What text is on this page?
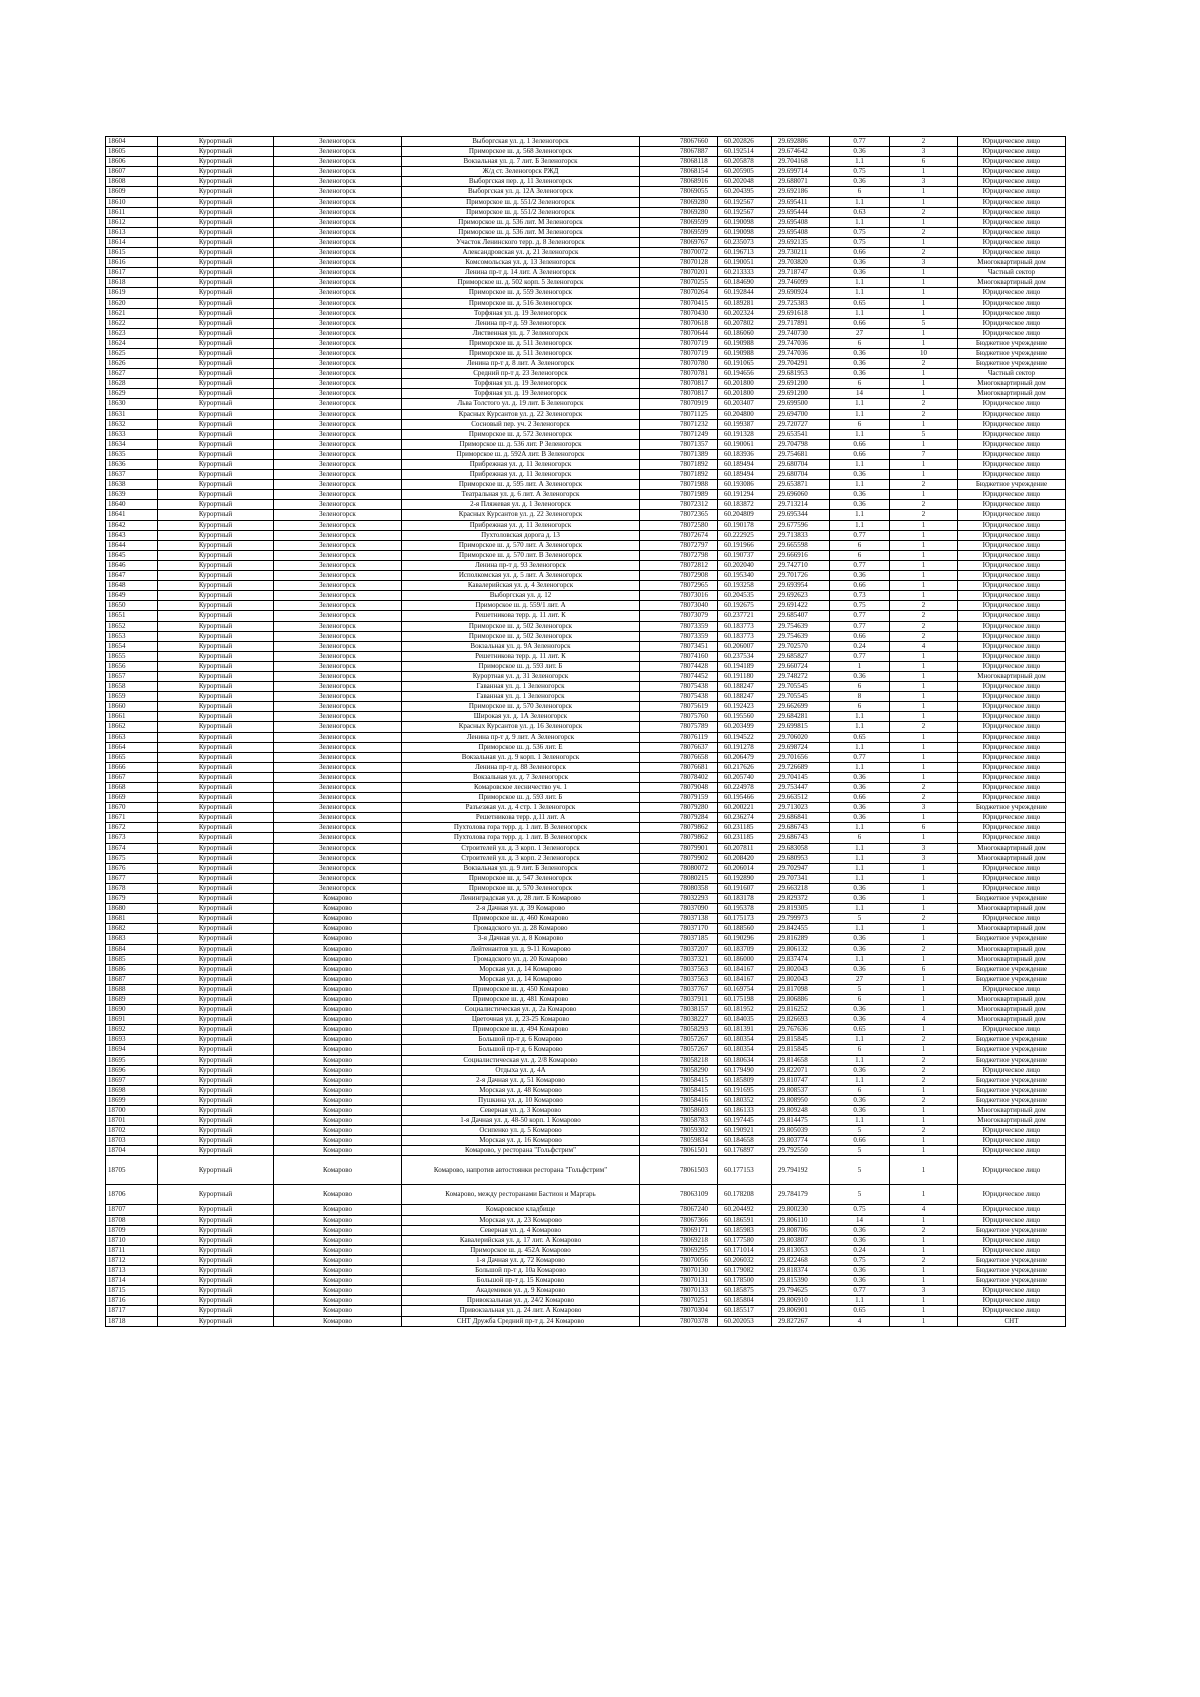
18604	Курортный	Зеленогорск	Выборгская ул. д. 1 Зеленогорск	78067660	60.202826	29.692886	0.77	2	Юридическое лицо
18605	Курортный	Зеленогорск	Приморское ш. д. 568 Зеленогорск	78067887	60.192514	29.674642	0.36	3	Юридическое лицо
18606	Курортный	Зеленогорск	Вокзальная ул. д. 7 лит. Б Зеленогорск	78068118	60.205878	29.704168	1.1	6	Юридическое лицо
18607	Курортный	Зеленогорск	Ж/д ст. Зеленогорск РЖД	78068154	60.205905	29.699714	0.75	1	Юридическое лицо
18608	Курортный	Зеленогорск	Выборгская пер. д. 11 Зеленогорск	78068916	60.202048	29.688071	0.36	3	Юридическое лицо
18609	Курортный	Зеленогорск	Выборгская ул. д. 12А Зеленогорск	78069055	60.204395	29.692186	6	1	Юридическое лицо
18610	Курортный	Зеленогорск	Приморское ш. д. 551/2 Зеленогорск	78069280	60.192567	29.695411	1.1	1	Юридическое лицо
18611	Курортный	Зеленогорск	Приморское ш. д. 551/2 Зеленогорск	78069280	60.192567	29.695444	0.63	2	Юридическое лицо
18612	Курортный	Зеленогорск	Приморское ш. д. 536 лит. М Зеленогорск	78069599	60.190098	29.695408	1.1	1	Юридическое лицо
18613	Курортный	Зеленогорск	Приморское ш. д. 536 лит. М Зеленогорск	78069599	60.190098	29.695408	0.75	2	Юридическое лицо
18614	Курортный	Зеленогорск	Участок Ленинского терр. д. 8 Зеленогорск	78069767	60.235073	29.692135	0.75	1	Юридическое лицо
18615	Курортный	Зеленогорск	Александровская ул. д. 21 Зеленогорск	78070072	60.196713	29.730211	0.66	2	Юридическое лицо
18616	Курортный	Зеленогорск	Комсомольская ул. д. 13 Зеленогорск	78070128	60.190051	29.703820	0.36	3	Многоквартирный дом
18617	Курортный	Зеленогорск	Ленина пр-т д. 14 лит. А Зеленогорск	78070201	60.213333	29.718747	0.36	1	Частный сектор
18618	Курортный	Зеленогорск	Приморское ш. д. 502 корп. 5 Зеленогорск	78070255	60.184690	29.746099	1.1	1	Многоквартирный дом
18619	Курортный	Зеленогорск	Приморское ш. д. 559 Зеленогорск	78070264	60.192844	29.690924	1.1	1	Юридическое лицо
18620	Курортный	Зеленогорск	Приморское ш. д. 516 Зеленогорск	78070415	60.189281	29.725383	0.65	1	Юридическое лицо
18621	Курортный	Зеленогорск	Торфяная ул. д. 19 Зеленогорск	78070430	60.202324	29.691618	1.1	1	Юридическое лицо
18622	Курортный	Зеленогорск	Ленина пр-т д. 59 Зеленогорск	78070618	60.207802	29.717891	0.66	5	Юридическое лицо
18623	Курортный	Зеленогорск	Лиственная ул. д. 7 Зеленогорск	78070644	60.186060	29.740730	27	1	Юридическое лицо
18624	Курортный	Зеленогорск	Приморское ш. д. 511 Зеленогорск	78070719	60.190988	29.747036	6	1	Бюджетное учреждение
18625	Курортный	Зеленогорск	Приморское ш. д. 511 Зеленогорск	78070719	60.190988	29.747036	0.36	10	Бюджетное учреждение
18626	Курортный	Зеленогорск	Ленина пр-т д. 8 лит. А Зеленогорск	78070780	60.191065	29.704291	0.36	2	Бюджетное учреждение
18627	Курортный	Зеленогорск	Средний пр-т д. 23 Зеленогорск	78070781	60.194656	29.681953	0.36	1	Частный сектор
18628	Курортный	Зеленогорск	Торфяная ул. д. 19 Зеленогорск	78070817	60.201800	29.691200	6	1	Многоквартирный дом
18629	Курортный	Зеленогорск	Торфяная ул. д. 19 Зеленогорск	78070817	60.201800	29.691200	14	1	Многоквартирный дом
18630	Курортный	Зеленогорск	Льва Толстого ул. д. 19 лит. Б Зеленогорск	78070919	60.203407	29.699500	1.1	2	Юридическое лицо
18631	Курортный	Зеленогорск	Красных Курсантов ул. д. 22 Зеленогорск	78071125	60.204800	29.694700	1.1	2	Юридическое лицо
18632	Курортный	Зеленогорск	Сосновый пер. уч. 2 Зеленогорск	78071232	60.199387	29.720727	6	1	Юридическое лицо
18633	Курортный	Зеленогорск	Приморское ш. д. 572 Зеленогорск	78071249	60.191328	29.653541	1.1	5	Юридическое лицо
18634	Курортный	Зеленогорск	Приморское ш. д. 536 лит. Р Зеленогорск	78071357	60.190061	29.704798	0.66	1	Юридическое лицо
18635	Курортный	Зеленогорск	Приморское ш. д. 592А лит. В Зеленогорск	78071389	60.183936	29.754681	0.66	7	Юридическое лицо
18636	Курортный	Зеленогорск	Прибрежная ул. д. 11 Зеленогорск	78071892	60.189494	29.680704	1.1	1	Юридическое лицо
18637	Курортный	Зеленогорск	Прибрежная ул. д. 11 Зеленогорск	78071892	60.189494	29.680704	0.36	1	Юридическое лицо
18638	Курортный	Зеленогорск	Приморское ш. д. 595 лит. А Зеленогорск	78071988	60.193086	29.653871	1.1	2	Бюджетное учреждение
18639	Курортный	Зеленогорск	Театральная ул. д. 6 лит. А Зеленогорск	78071989	60.191294	29.696060	0.36	1	Юридическое лицо
18640	Курортный	Зеленогорск	2-я Пляжевая ул. д. 1 Зеленогорск	78072312	60.183872	29.713214	0.36	2	Юридическое лицо
18641	Курортный	Зеленогорск	Красных Курсантов ул. д. 22 Зеленогорск	78072365	60.204809	29.695344	1.1	2	Юридическое лицо
18642	Курортный	Зеленогорск	Прибрежная ул. д. 11 Зеленогорск	78072580	60.190178	29.677596	1.1	1	Юридическое лицо
18643	Курортный	Зеленогорск	Пухтоловская дорога д. 13	78072674	60.222925	29.713833	0.77	1	Юридическое лицо
18644	Курортный	Зеленогорск	Приморское ш. д. 570 лит. А Зеленогорск	78072797	60.191966	29.665598	6	1	Юридическое лицо
18645	Курортный	Зеленогорск	Приморское ш. д. 570 лит. В Зеленогорск	78072798	60.190737	29.666916	6	1	Юридическое лицо
18646	Курортный	Зеленогорск	Ленина пр-т д. 93 Зеленогорск	78072812	60.202040	29.742710	0.77	1	Юридическое лицо
18647	Курортный	Зеленогорск	Исполкомская ул. д. 5 лит. А Зеленогорск	78072908	60.195340	29.701726	0.36	1	Юридическое лицо
18648	Курортный	Зеленогорск	Кавалерийская ул. д. 4 Зеленогорск	78072965	60.193258	29.693954	0.66	1	Юридическое лицо
18649	Курортный	Зеленогорск	Выборгская ул. д. 12	78073016	60.204535	29.692623	0.73	1	Юридическое лицо
18650	Курортный	Зеленогорск	Приморское ш. д. 559/1 лит. А	78073040	60.192675	29.691422	0.75	2	Юридическое лицо
18651	Курортный	Зеленогорск	Решетникова терр. д. 11 лит. К	78073079	60.237721	29.685407	0.77	2	Юридическое лицо
18652	Курортный	Зеленогорск	Приморское ш. д. 502 Зеленогорск	78073359	60.183773	29.754639	0.77	2	Юридическое лицо
18653	Курортный	Зеленогорск	Приморское ш. д. 502 Зеленогорск	78073359	60.183773	29.754639	0.66	2	Юридическое лицо
18654	Курортный	Зеленогорск	Вокзальная ул. д. 9А Зеленогорск	78073451	60.206007	29.702570	0.24	4	Юридическое лицо
18655	Курортный	Зеленогорск	Решетникова терр. д. 11 лит. К	78074160	60.237534	29.685827	0.77	1	Юридическое лицо
18656	Курортный	Зеленогорск	Приморское ш. д. 593 лит. Б	78074428	60.194189	29.660724	1	1	Юридическое лицо
18657	Курортный	Зеленогорск	Курортная ул. д. 31 Зеленогорск	78074452	60.191180	29.748272	0.36	1	Многоквартирный дом
18658	Курортный	Зеленогорск	Гаванная ул. д. 1 Зеленогорск	78075438	60.188247	29.705545	6	1	Юридическое лицо
18659	Курортный	Зеленогорск	Гаванная ул. д. 1 Зеленогорск	78075438	60.188247	29.705545	8	1	Юридическое лицо
18660	Курортный	Зеленогорск	Приморское ш. д. 570 Зеленогорск	78075619	60.192423	29.662699	6	1	Юридическое лицо
18661	Курортный	Зеленогорск	Широкая ул. д. 1А Зеленогорск	78075760	60.195560	29.684281	1.1	1	Юридическое лицо
18662	Курортный	Зеленогорск	Красных Курсантов ул. д. 16 Зеленогорск	78075789	60.203499	29.699815	1.1	2	Юридическое лицо
18663	Курортный	Зеленогорск	Ленина пр-т д. 9 лит. А Зеленогорск	78076119	60.194522	29.706020	0.65	1	Юридическое лицо
18664	Курортный	Зеленогорск	Приморское ш. д. 536 лит. Е	78076637	60.191278	29.698724	1.1	1	Юридическое лицо
18665	Курортный	Зеленогорск	Вокзальная ул. д. 9 корп. 1 Зеленогорск	78076658	60.206479	29.701656	0.77	1	Юридическое лицо
18666	Курортный	Зеленогорск	Ленина пр-т д. 88 Зеленогорск	78076681	60.217626	29.726689	1.1	1	Юридическое лицо
18667	Курортный	Зеленогорск	Вокзальная ул. д. 7 Зеленогорск	78078402	60.205740	29.704145	0.36	1	Юридическое лицо
18668	Курортный	Зеленогорск	Комаровское лесничество уч. 1	78079048	60.224978	29.753447	0.36	2	Юридическое лицо
18669	Курортный	Зеленогорск	Приморское ш. д. 593 лит. Б	78079159	60.195466	29.663512	0.66	2	Юридическое лицо
18670	Курортный	Зеленогорск	Разъезжая ул. д. 4 стр. 1 Зеленогорск	78079280	60.200221	29.713023	0.36	3	Бюджетное учреждение
18671	Курортный	Зеленогорск	Решетникова терр. д.11 лит. А	78079284	60.236274	29.686841	0.36	1	Юридическое лицо
18672	Курортный	Зеленогорск	Пухтолова гора терр. д. 1 лит. В Зеленогорск	78079862	60.231185	29.686743	1.1	6	Юридическое лицо
18673	Курортный	Зеленогорск	Пухтолова гора терр. д. 1 лит. В Зеленогорск	78079862	60.231185	29.686743	6	1	Юридическое лицо
18674	Курортный	Зеленогорск	Строителей ул. д. 3 корп. 1 Зеленогорск	78079901	60.207811	29.683058	1.1	3	Многоквартирный дом
18675	Курортный	Зеленогорск	Строителей ул. д. 3 корп. 2 Зеленогорск	78079902	60.208420	29.680953	1.1	3	Многоквартирный дом
18676	Курортный	Зеленогорск	Вокзальная ул. д. 9 лит. Б Зеленогорск	78080072	60.206014	29.702947	1.1	1	Юридическое лицо
18677	Курортный	Зеленогорск	Приморское ш. д. 547 Зеленогорск	78080215	60.192890	29.707341	1.1	1	Юридическое лицо
18678	Курортный	Зеленогорск	Приморское ш. д. 570 Зеленогорск	78080358	60.191607	29.663218	0.36	1	Юридическое лицо
18679	Курортный	Комарово	Ленинградская ул. д. 28 лит. Б Комарово	78032293	60.183178	29.829372	0.36	1	Бюджетное учреждение
18680	Курортный	Комарово	2-я Дачная ул. д. 39 Комарово	78037090	60.195378	29.819305	1.1	1	Многоквартирный дом
18681	Курортный	Комарово	Приморское ш. д. 460 Комарово	78037138	60.175173	29.799973	5	2	Юридическое лицо
18682	Курортный	Комарово	Громадского ул. д. 28 Комарово	78037170	60.188560	29.842455	1.1	1	Многоквартирный дом
18683	Курортный	Комарово	3-я Дачная ул. д. 8 Комарово	78037185	60.190296	29.816289	0.36	1	Бюджетное учреждение
18684	Курортный	Комарово	Лейтенантов ул. д. 9-11 Комарово	78037207	60.183709	29.806132	0.36	2	Многоквартирный дом
18685	Курортный	Комарово	Громадского ул. д. 20 Комарово	78037321	60.186000	29.837474	1.1	1	Многоквартирный дом
18686	Курортный	Комарово	Морская ул. д. 14 Комарово	78037563	60.184167	29.802043	0.36	6	Бюджетное учреждение
18687	Курортный	Комарово	Морская ул. д. 14 Комарово	78037563	60.184167	29.802043	27	1	Бюджетное учреждение
18688	Курортный	Комарово	Приморское ш. д. 450 Комарово	78037767	60.169754	29.817098	5	1	Юридическое лицо
18689	Курортный	Комарово	Приморское ш. д. 481 Комарово	78037911	60.175198	29.806886	6	1	Многоквартирный дом
18690	Курортный	Комарово	Социалистическая ул. д. 2а Комарово	78038157	60.181952	29.816252	0.36	1	Многоквартирный дом
18691	Курортный	Комарово	Цветочная ул. д. 23-25 Комарово	78038227	60.184035	29.826693	0.36	4	Многоквартирный дом
18692	Курортный	Комарово	Приморское ш. д. 494 Комарово	78058293	60.181391	29.767636	0.65	1	Юридическое лицо
18693	Курортный	Комарово	Большой пр-т д. 6 Комарово	78057267	60.180354	29.815845	1.1	2	Бюджетное учреждение
18694	Курортный	Комарово	Большой пр-т д. 6 Комарово	78057267	60.180354	29.815845	6	1	Бюджетное учреждение
18695	Курортный	Комарово	Социалистическая ул. д. 2/8 Комарово	78058218	60.180634	29.814658	1.1	2	Бюджетное учреждение
18696	Курортный	Комарово	Отдыха ул. д. 4А	78058290	60.179490	29.822071	0.36	2	Юридическое лицо
18697	Курортный	Комарово	2-я Дачная ул. д. 51 Комарово	78058415	60.185809	29.810747	1.1	2	Бюджетное учреждение
18698	Курортный	Комарово	Морская ул. д. 48 Комарово	78058415	60.191695	29.808537	6	1	Бюджетное учреждение
18699	Курортный	Комарово	Пушкина ул. д. 10 Комарово	78058416	60.180352	29.808950	0.36	2	Бюджетное учреждение
18700	Курортный	Комарово	Северная ул. д. 3 Комарово	78058603	60.186133	29.809248	0.36	1	Многоквартирный дом
18701	Курортный	Комарово	1-я Дачная ул. д. 48-50 корп. 1 Комарово	78058783	60.197445	29.814475	1.1	1	Многоквартирный дом
18702	Курортный	Комарово	Осипенко ул. д. 5 Комарово	78059302	60.190921	29.805039	5	2	Юридическое лицо
18703	Курортный	Комарово	Морская ул. д. 16 Комарово	78059834	60.184658	29.803774	0.66	1	Юридическое лицо
18704	Курортный	Комарово	Комарово, у ресторана "Гольфстрим"	78061501	60.176897	29.792550	5	1	Юридическое лицо
18705	Курортный	Комарово	Комарово, напротив автостоянки ресторана "Гольфстрим"	78061503	60.177153	29.794192	5	1	Юридическое лицо
18706	Курортный	Комарово	Комарово, между ресторанами Бастион и Маргарь	78063109	60.178208	29.784179	5	1	Юридическое лицо
18707	Курортный	Комарово	Комаровское кладбище	78067240	60.204492	29.800230	0.75	4	Юридическое лицо
18708	Курортный	Комарово	Морская ул. д. 23 Комарово	78067366	60.186591	29.806110	14	1	Юридическое лицо
18709	Курортный	Комарово	Северная ул. д. 4 Комарово	78069171	60.185983	29.808706	0.36	2	Бюджетное учреждение
18710	Курортный	Комарово	Кавалерийская ул. д. 17 лит. А Комарово	78069218	60.177580	29.803807	0.36	1	Юридическое лицо
18711	Курортный	Комарово	Приморское ш. д. 452А Комарово	78069295	60.171014	29.813053	0.24	1	Юридическое лицо
18712	Курортный	Комарово	1-я Дачная ул. д. 72 Комарово	78070056	60.206032	29.822468	0.75	2	Бюджетное учреждение
18713	Курортный	Комарово	Большой пр-т д. 10а Комарово	78070130	60.179082	29.818374	0.36	1	Бюджетное учреждение
18714	Курортный	Комарово	Большой пр-т д. 15 Комарово	78070131	60.178500	29.815390	0.36	1	Бюджетное учреждение
18715	Курортный	Комарово	Академиков ул. д. 9 Комарово	78070133	60.185875	29.794625	0.77	3	Юридическое лицо
18716	Курортный	Комарово	Привокзальная ул. д. 24/2 Комарово	78070251	60.185804	29.806910	1.1	1	Юридическое лицо
18717	Курортный	Комарово	Привокзальная ул. д. 24 лит. А Комарово	78070304	60.185517	29.806901	0.65	1	Юридическое лицо
18718	Курортный	Комарово	СНТ Дружба Средний пр-т д. 24 Комарово	78070378	60.202053	29.827267	4	1	СНТ
